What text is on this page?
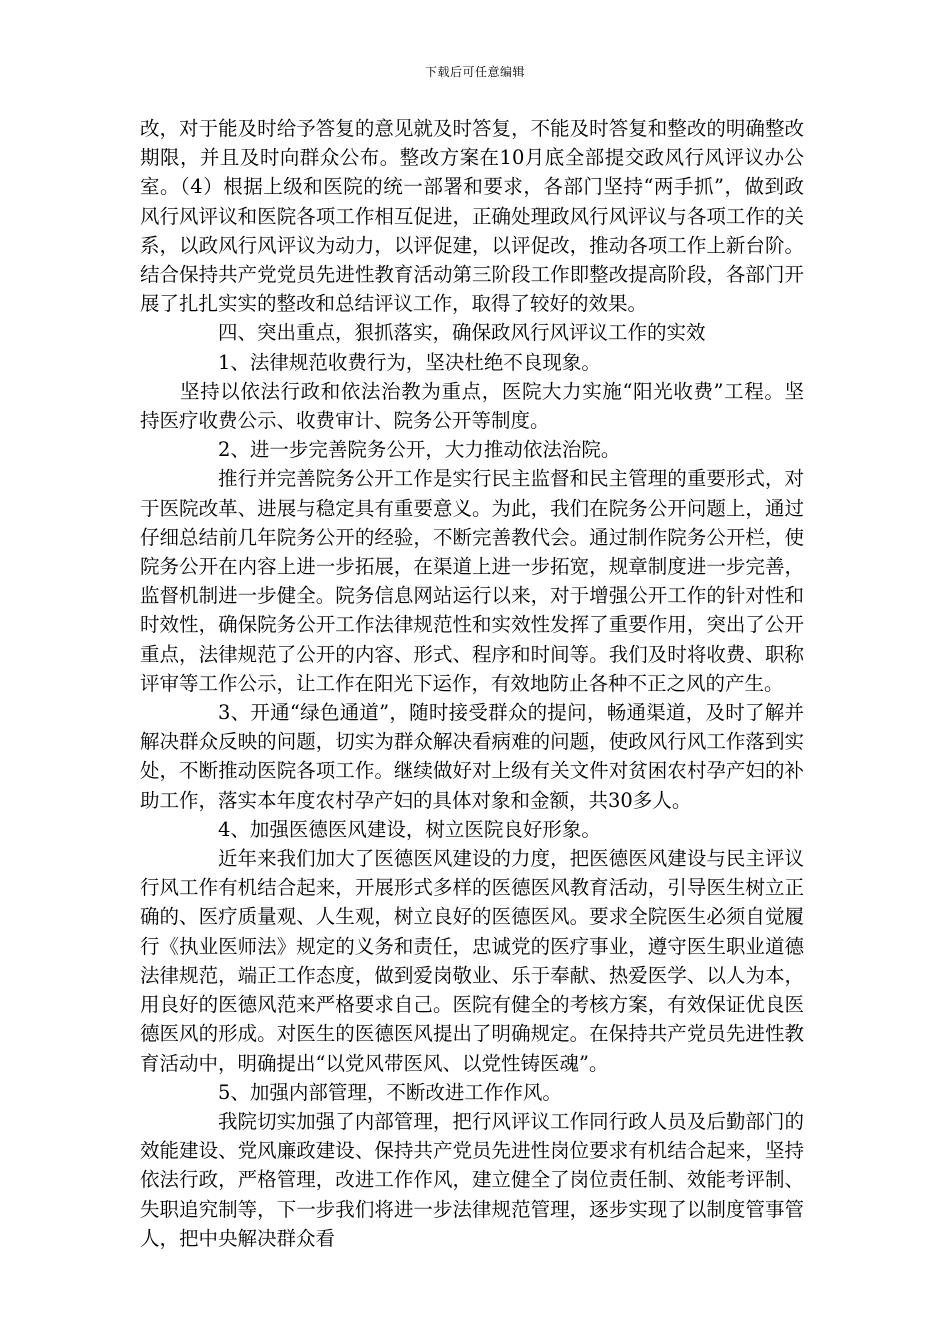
下载后可任意编辑

改，对于能及时给予答复的意见就及时答复，不能及时答复和整改的明确整改期限，并且及时向群众公布。整改方案在10月底全部提交政风行风评议办公室。（4）根据上级和医院的统一部署和要求，各部门坚持“两手抓”，做到政风行风评议和医院各项工作相互促进，正确处理政风行风评议与各项工作的关系，以政风行风评议为动力，以评促建，以评促改，推动各项工作上新台阶。结合保持共产党党员先进性教育活动第三阶段工作即整改提高阶段，各部门开展了扎扎实实的整改和总结评议工作，取得了较好的效果。

四、突出重点，狠抓落实，确保政风行风评议工作的实效

1、法律规范收费行为，坚决杜绝不良现象。

坚持以依法行政和依法治教为重点，医院大力实施“阳光收费”工程。坚持医疗收费公示、收费审计、院务公开等制度。

2、进一步完善院务公开，大力推动依法治院。

推行并完善院务公开工作是实行民主监督和民主管理的重要形式，对于医院改革、进展与稳定具有重要意义。为此，我们在院务公开问题上，通过仔细总结前几年院务公开的经验，不断完善教代会。通过制作院务公开栏，使院务公开在内容上进一步拓展，在渠道上进一步拓宽，规章制度进一步完善，监督机制进一步健全。院务信息网站运行以来，对于增强公开工作的针对性和时效性，确保院务公开工作法律规范性和实效性发挥了重要作用，突出了公开重点，法律规范了公开的内容、形式、程序和时间等。我们及时将收费、职称评审等工作公示，让工作在阳光下运作，有效地防止各种不正之风的产生。

3、开通“绿色通道”，随时接受群众的提问，畅通渠道，及时了解并解决群众反映的问题，切实为群众解决看病难的问题，使政风行风工作落到实处，不断推动医院各项工作。继续做好对上级有关文件对贫困农村孕产妇的补助工作，落实本年度农村孕产妇的具体对象和金额，共30多人。

4、加强医德医风建设，树立医院良好形象。

近年来我们加大了医德医风建设的力度，把医德医风建设与民主评议行风工作有机结合起来，开展形式多样的医德医风教育活动，引导医生树立正确的、医疗质量观、人生观，树立良好的医德医风。要求全院医生必须自觉履行《执业医师法》规定的义务和责任，忠诚党的医疗事业，遵守医生职业道德法律规范，端正工作态度，做到爱岗敬业、乐于奉献、热爱医学、以人为本，用良好的医德风范来严格要求自己。医院有健全的考核方案，有效保证优良医德医风的形成。对医生的医德医风提出了明确规定。在保持共产党员先进性教育活动中，明确提出“以党风带医风、以党性铸医魂”。

5、加强内部管理，不断改进工作作风。

我院切实加强了内部管理，把行风评议工作同行政人员及后勤部门的效能建设、党风廉政建设、保持共产党员先进性岗位要求有机结合起来，坚持依法行政，严格管理，改进工作作风，建立健全了岗位责任制、效能考评制、失职追究制等，下一步我们将进一步法律规范管理，逐步实现了以制度管事管人，把中央解决群众看
